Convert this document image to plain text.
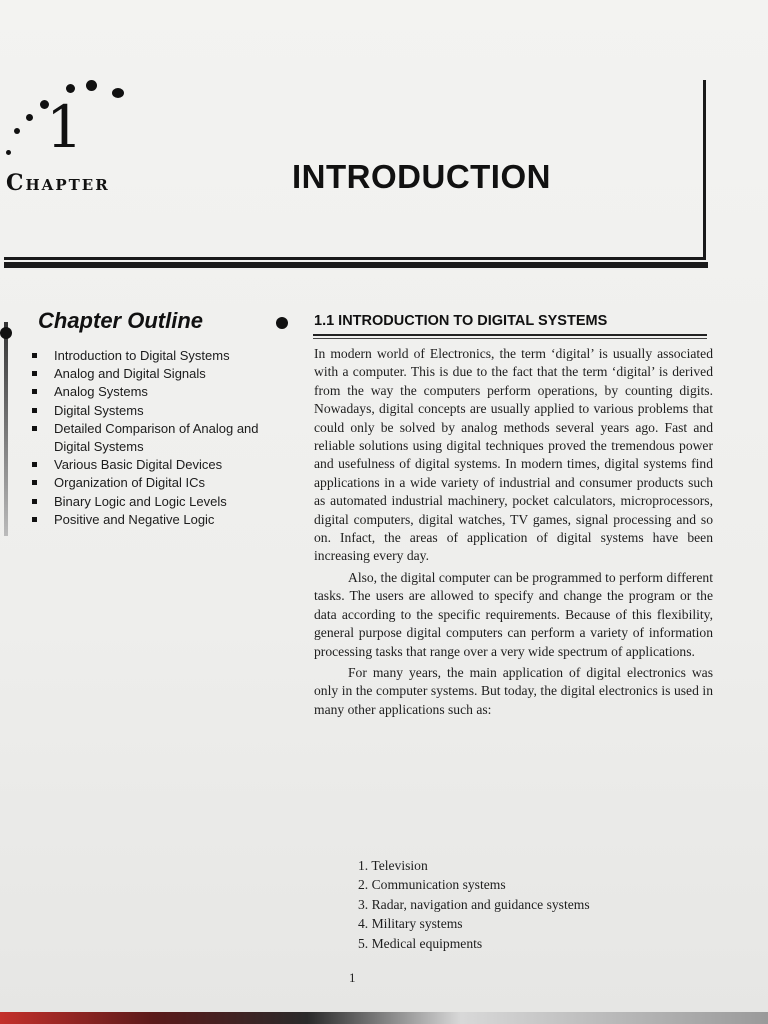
1
Chapter	INTRODUCTION
Chapter Outline
Introduction to Digital Systems
Analog and Digital Signals
Analog Systems
Digital Systems
Detailed Comparison of Analog and Digital Systems
Various Basic Digital Devices
Organization of Digital ICs
Binary Logic and Logic Levels
Positive and Negative Logic
1.1 INTRODUCTION TO DIGITAL SYSTEMS

In modern world of Electronics, the term ‘digital’ is usually associated with a computer. This is due to the fact that the term ‘digital’ is derived from the way the computers perform operations, by counting digits. Nowadays, digital concepts are usually applied to various problems that could only be solved by analog methods several years ago. Fast and reliable solutions using digital techniques proved the tremendous power and usefulness of digital systems. In modern times, digital systems find applications in a wide variety of industrial and consumer products such as automated industrial machinery, pocket calculators, microprocessors, digital computers, digital watches, TV games, signal processing and so on. Infact, the areas of application of digital systems have been increasing every day.

Also, the digital computer can be programmed to perform different tasks. The users are allowed to specify and change the program or the data according to the specific requirements. Because of this flexibility, general purpose digital computers can perform a variety of information processing tasks that range over a very wide spectrum of applications.

For many years, the main application of digital electronics was only in the computer systems. But today, the digital electronics is used in many other applications such as:

1. Television
2. Communication systems
3. Radar, navigation and guidance systems
4. Military systems
5. Medical equipments
1
